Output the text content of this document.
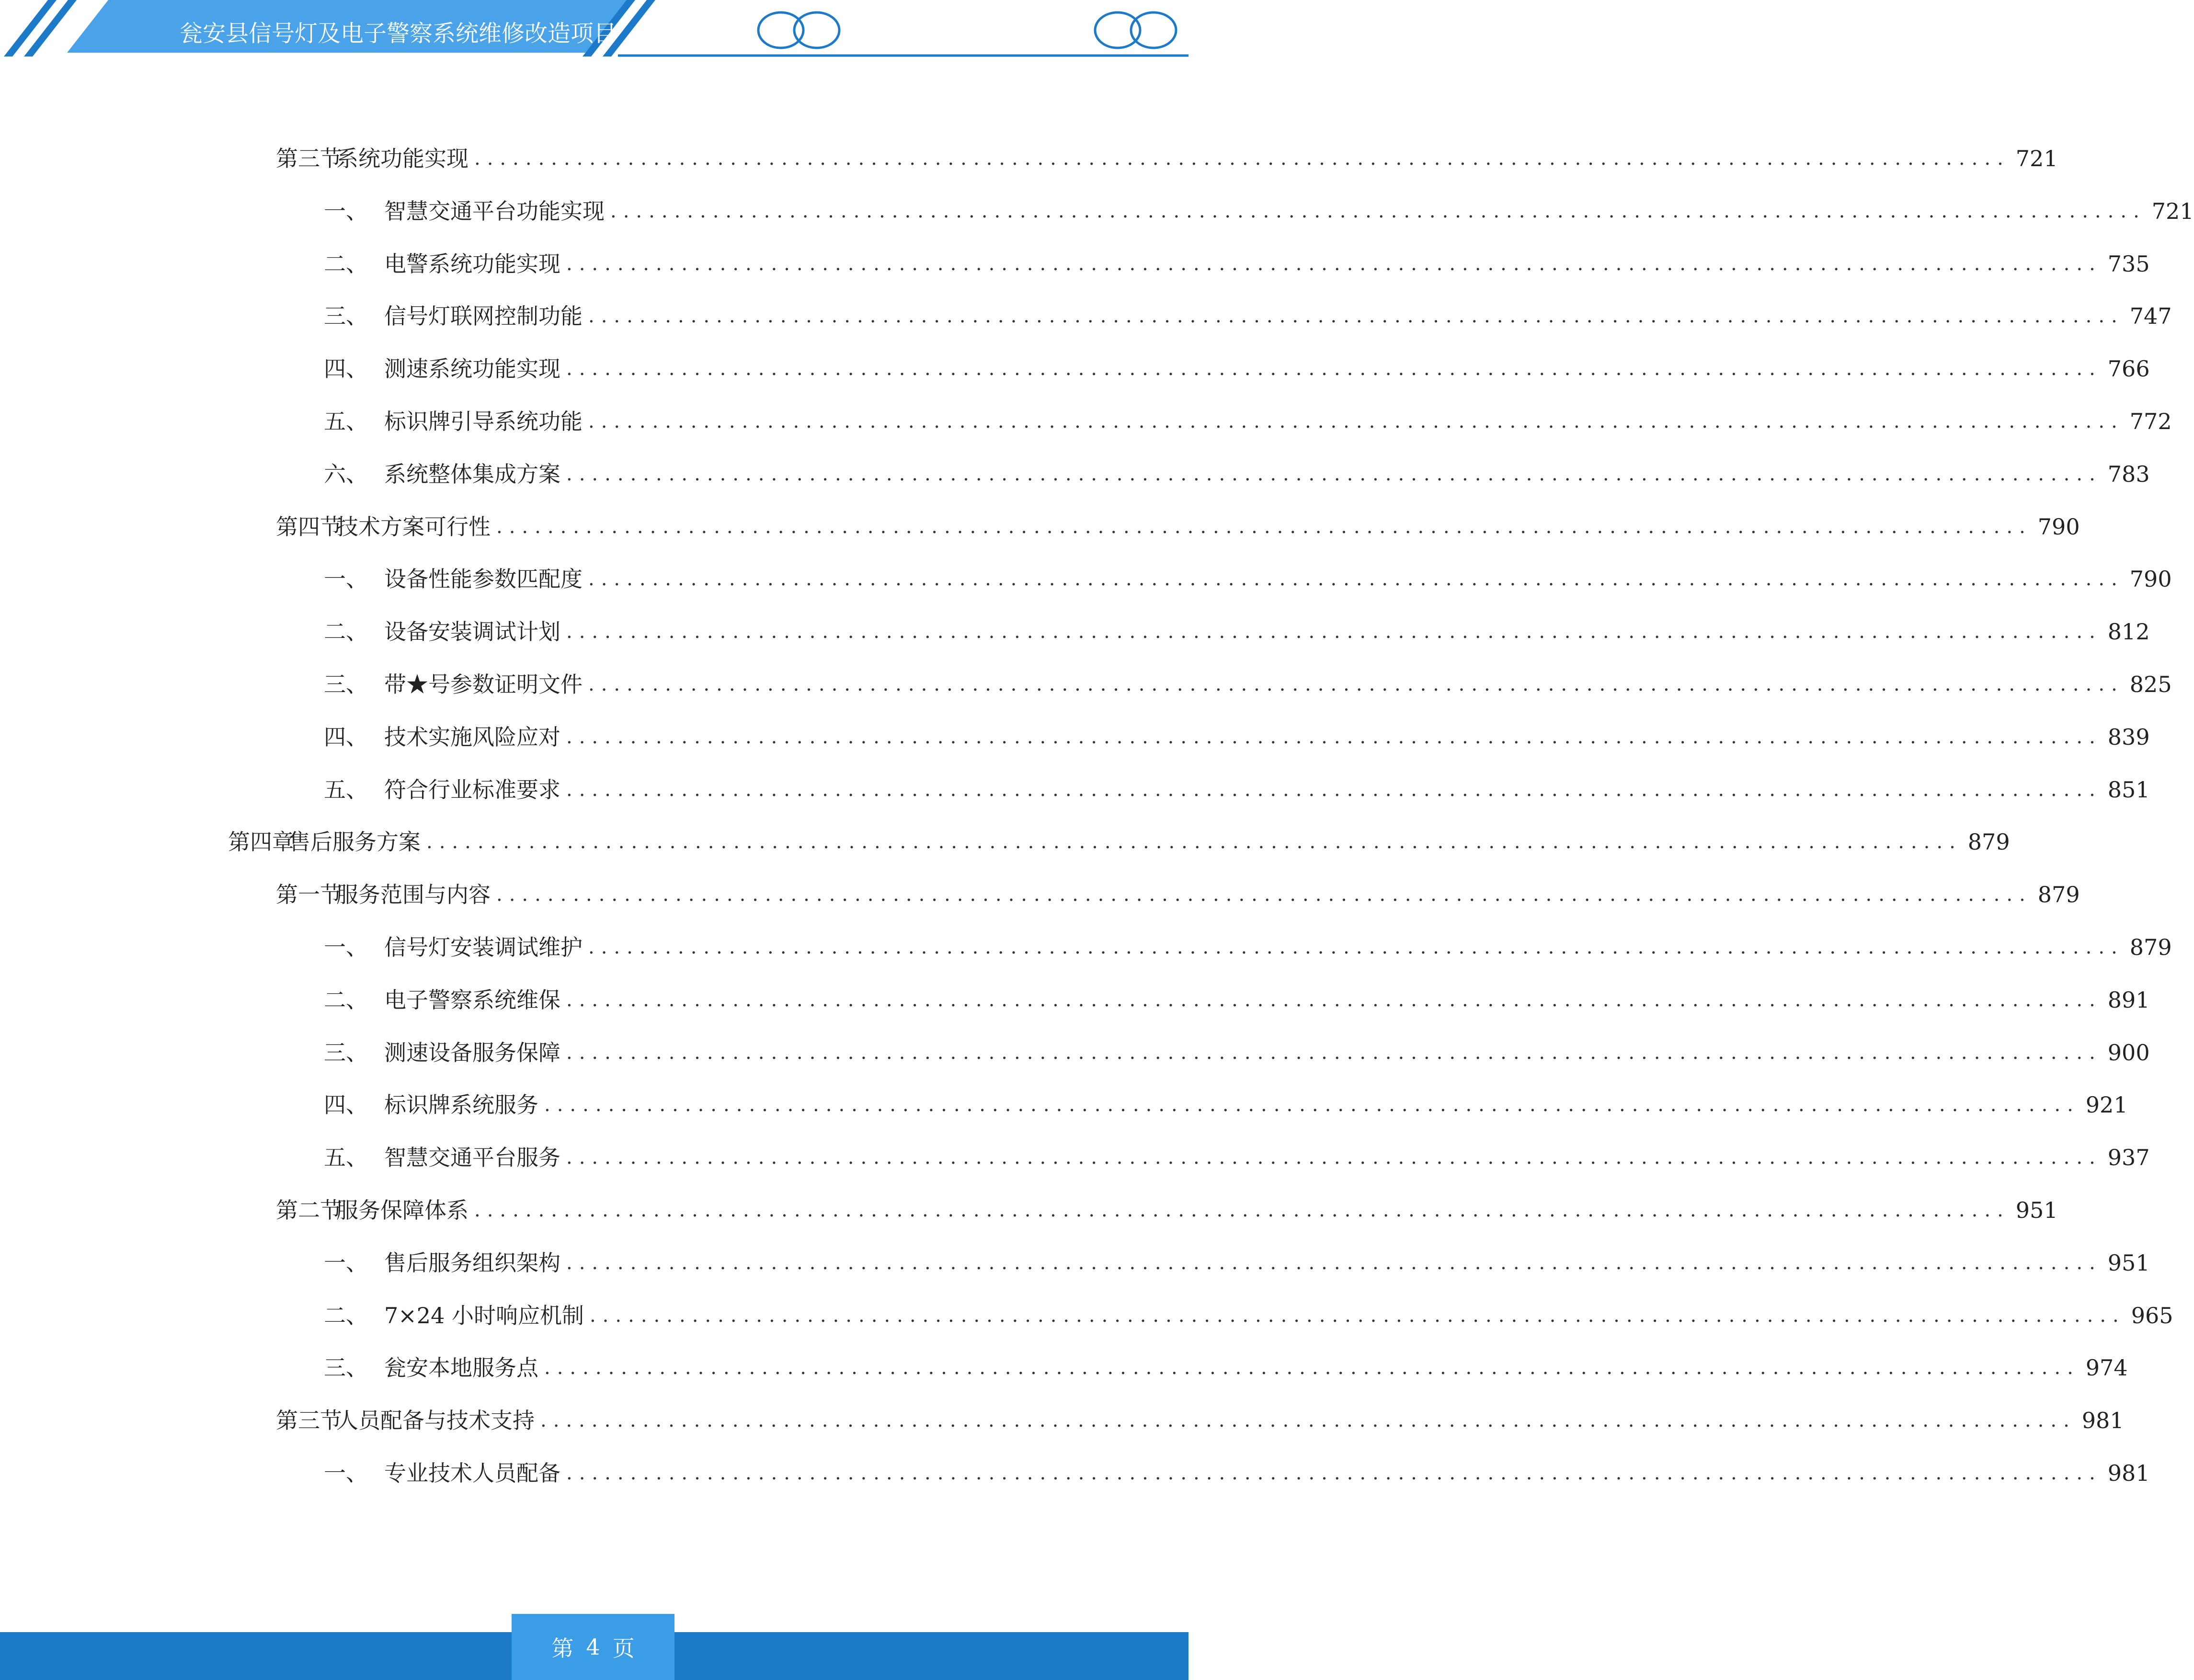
瓮安县信号灯及电子警察系统维修改造项目
第三节
系统功能实现 ........................................................................................................................ 721
一、 智慧交通平台功能实现 ........................................................................................................................ 721
二、 电警系统功能实现 ........................................................................................................................ 735
三、 信号灯联网控制功能 ........................................................................................................................ 747
四、 测速系统功能实现 ........................................................................................................................ 766
五、 标识牌引导系统功能 ........................................................................................................................ 772
六、 系统整体集成方案 ........................................................................................................................ 783
第四节
技术方案可行性 ........................................................................................................................ 790
一、 设备性能参数匹配度 ........................................................................................................................ 790
二、 设备安装调试计划 ........................................................................................................................ 812
三、 带★号参数证明文件 ........................................................................................................................ 825
四、 技术实施风险应对 ........................................................................................................................ 839
五、 符合行业标准要求 ........................................................................................................................ 851
第四章
售后服务方案 ........................................................................................................................ 879
第一节
服务范围与内容 ........................................................................................................................ 879
一、 信号灯安装调试维护 ........................................................................................................................ 879
二、 电子警察系统维保 ........................................................................................................................ 891
三、 测速设备服务保障 ........................................................................................................................ 900
四、 标识牌系统服务 ........................................................................................................................ 921
五、 智慧交通平台服务 ........................................................................................................................ 937
第二节
服务保障体系 ........................................................................................................................ 951
一、 售后服务组织架构 ........................................................................................................................ 951
二、 7×24 小时响应机制 ........................................................................................................................ 965
三、 瓮安本地服务点 ........................................................................................................................ 974
第三节
人员配备与技术支持 ........................................................................................................................ 981
一、 专业技术人员配备 ........................................................................................................................ 981
第 4 页
